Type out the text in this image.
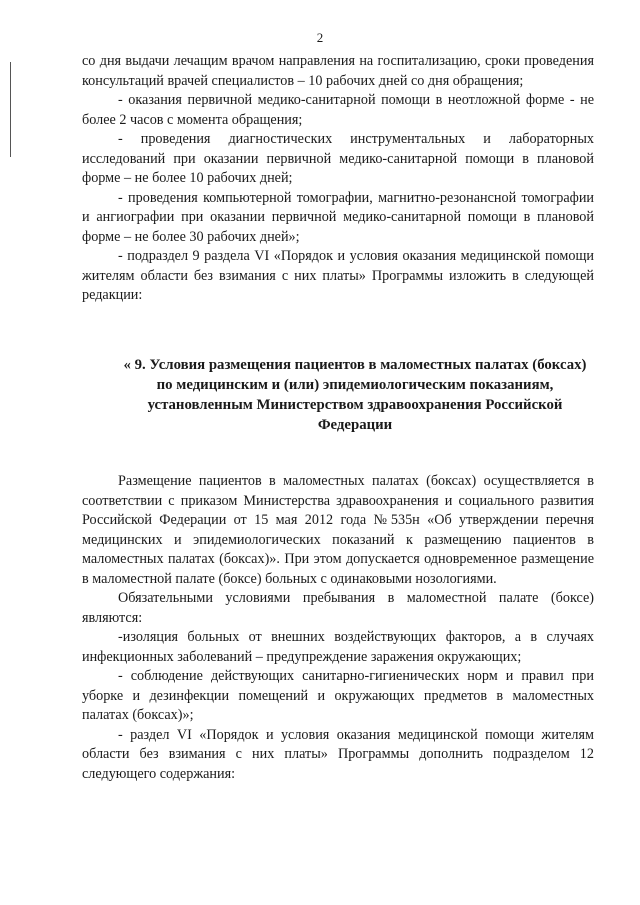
2

со дня выдачи лечащим врачом направления на госпитализацию, сроки проведения консультаций врачей специалистов – 10 рабочих дней со дня обращения;

- оказания первичной медико-санитарной помощи в неотложной форме - не более 2 часов с момента обращения;

- проведения диагностических инструментальных и лабораторных исследований при оказании первичной медико-санитарной помощи в плановой форме – не более 10 рабочих дней;

- проведения компьютерной томографии, магнитно-резонансной томографии и ангиографии при оказании первичной медико-санитарной помощи в плановой форме – не более 30 рабочих дней»;

- подраздел 9 раздела VI «Порядок и условия оказания медицинской помощи жителям области без взимания с них платы» Программы изложить в следующей редакции:

« 9. Условия размещения пациентов в маломестных палатах (боксах) по медицинским и (или) эпидемиологическим показаниям, установленным Министерством здравоохранения Российской Федерации

Размещение пациентов в маломестных палатах (боксах) осуществляется в соответствии с приказом Министерства здравоохранения и социального развития Российской Федерации от 15 мая 2012 года №535н «Об утверждении перечня медицинских и эпидемиологических показаний к размещению пациентов в маломестных палатах (боксах)». При этом допускается одновременное размещение в маломестной палате (боксе) больных с одинаковыми нозологиями.

Обязательными условиями пребывания в маломестной палате (боксе) являются:

-изоляция больных от внешних воздействующих факторов, а в случаях инфекционных заболеваний – предупреждение заражения окружающих;

- соблюдение действующих санитарно-гигиенических норм и правил при уборке и дезинфекции помещений и окружающих предметов в маломестных палатах (боксах)»;

- раздел VI «Порядок и условия оказания медицинской помощи жителям области без взимания с них платы» Программы дополнить подразделом 12 следующего содержания:
